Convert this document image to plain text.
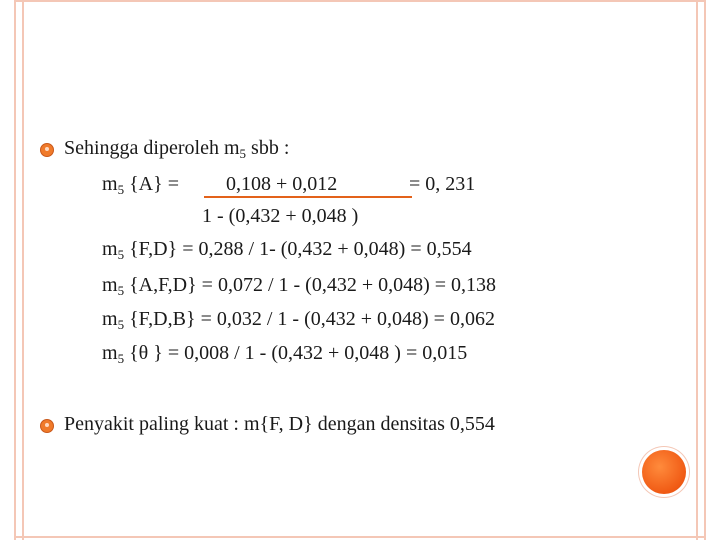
Sehingga diperoleh $m_5$ sbb :
$m_5$ {A} = 0,108 + 0,012	= 0, 231
1 - (0,432 + 0,048 )
$m_5$ {F,D} = 0,288 / 1- (0,432 + 0,048) = 0,554
$m_5$ {A,F,D} = 0,072 / 1 - (0,432 + 0,048) = 0,138
$m_5$ {F,D,B} = 0,032 / 1 - (0,432 + 0,048) = 0,062
$m_5$ {θ } = 0,008 / 1 - (0,432 + 0,048 ) = 0,015
Penyakit paling kuat : m{F, D} dengan densitas 0,554
